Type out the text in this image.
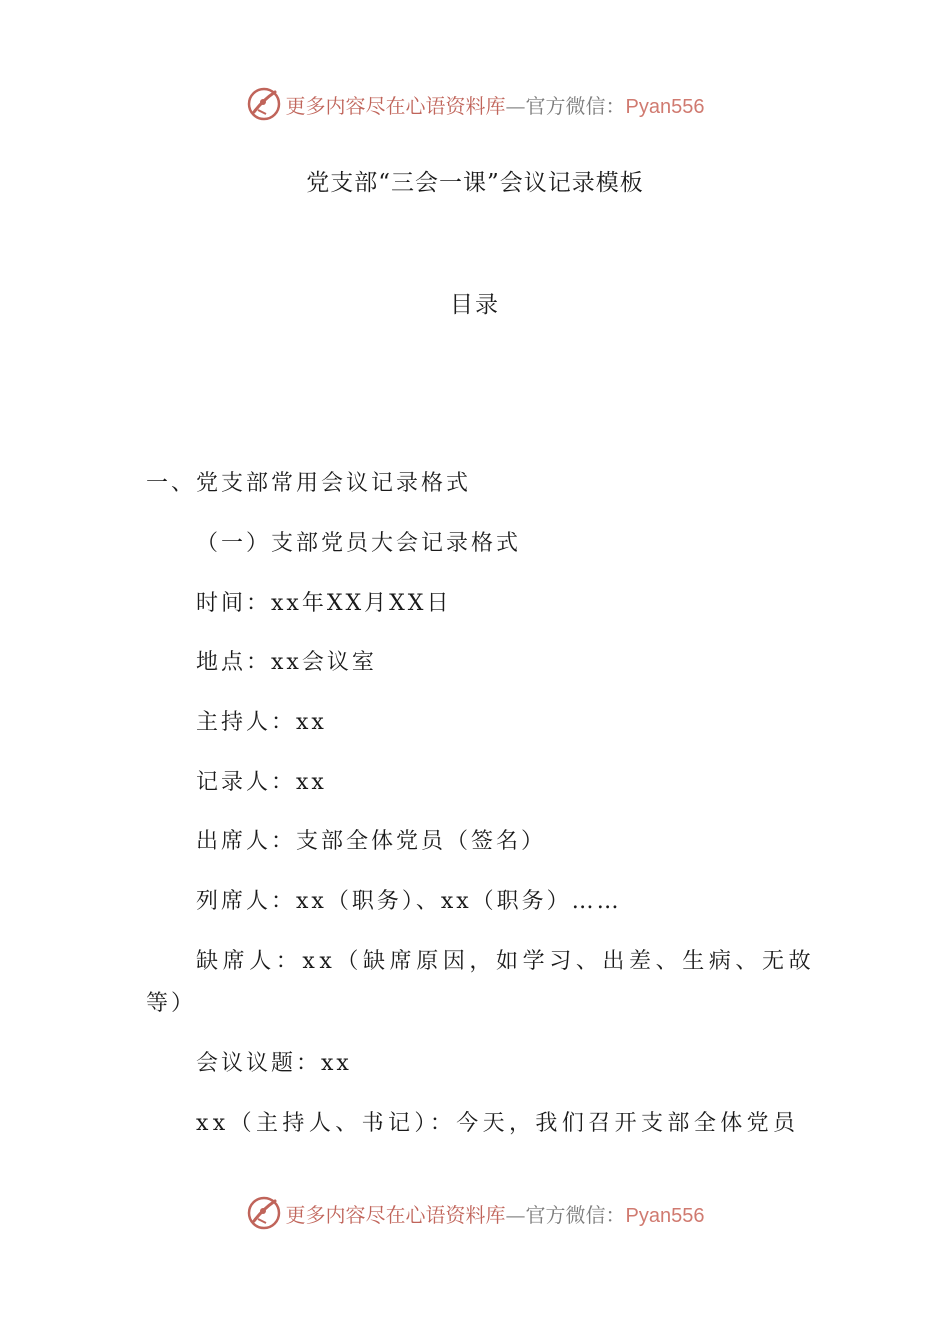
更多内容尽在心语资料库—官方微信：Pyan556
党支部“三会一课”会议记录模板
目录
一、党支部常用会议记录格式
（一）支部党员大会记录格式
时间：xx年XX月XX日
地点：xx会议室
主持人：xx
记录人：xx
出席人：支部全体党员（签名）
列席人：xx（职务）、xx（职务）……
缺席人：xx（缺席原因，如学习、出差、生病、无故
等）
会议议题：xx
xx（主持人、书记）：今天，我们召开支部全体党员
更多内容尽在心语资料库—官方微信：Pyan556
